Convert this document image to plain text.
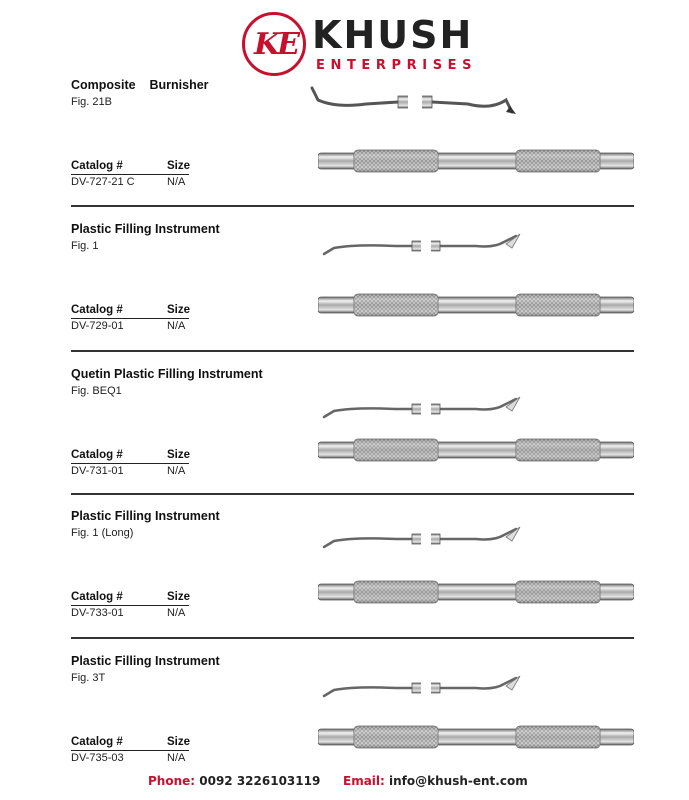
KE KHUSH
ENTERPRISES
Composite    Burnisher
Fig. 21B
Catalog #	Size
DV-727-21 C	N/A
Plastic Filling Instrument
Fig. 1
Catalog #	Size
DV-729-01	N/A
Quetin Plastic Filling Instrument
Fig. BEQ1
Catalog #	Size
DV-731-01	N/A
Plastic Filling Instrument
Fig. 1 (Long)
Catalog #	Size
DV-733-01	N/A
Plastic Filling Instrument
Fig. 3T
Catalog #	Size
DV-735-03	N/A
Phone: 0092 3226103119 Email: info@khush-ent.com
